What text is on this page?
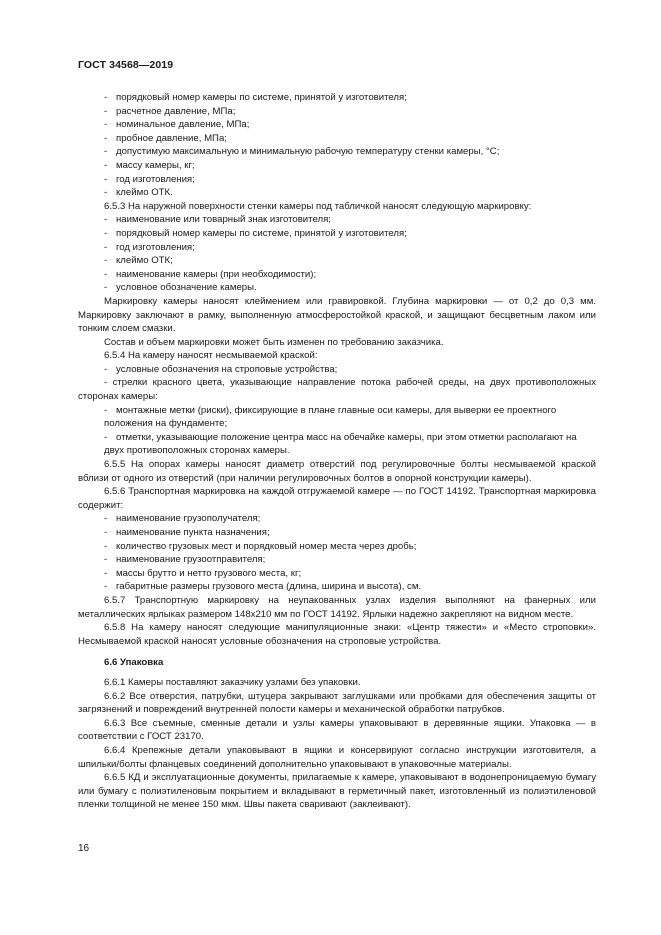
ГОСТ 34568—2019

- порядковый номер камеры по системе, принятой у изготовителя;

- расчетное давление, МПа;

- номинальное давление, МПа;

- пробное давление, МПа;

- допустимую максимальную и минимальную рабочую температуру стенки камеры, °С;

- массу камеры, кг;

- год изготовления;

- клеймо ОТК.

6.5.3 На наружной поверхности стенки камеры под табличкой наносят следующую маркировку:

- наименование или товарный знак изготовителя;

- порядковый номер камеры по системе, принятой у изготовителя;

- год изготовления;

- клеймо ОТК;

- наименование камеры (при необходимости);

- условное обозначение камеры.

Маркировку камеры наносят клеймением или гравировкой. Глубина маркировки — от 0,2 до 0,3 мм. Маркировку заключают в рамку, выполненную атмосферостойкой краской, и защищают бесцветным лаком или тонким слоем смазки.

Состав и объем маркировки может быть изменен по требованию заказчика.

6.5.4 На камеру наносят несмываемой краской:

- условные обозначения на строповые устройства;

- стрелки красного цвета, указывающие направление потока рабочей среды, на двух противоположных сторонах камеры:

- монтажные метки (риски), фиксирующие в плане главные оси камеры, для выверки ее проектного положения на фундаменте;

- отметки, указывающие положение центра масс на обечайке камеры, при этом отметки располагают на двух противоположных сторонах камеры.

6.5.5 На опорах камеры наносят диаметр отверстий под регулировочные болты несмываемой краской вблизи от одного из отверстий (при наличии регулировочных болтов в опорной конструкции камеры).

6.5.6 Транспортная маркировка на каждой отгружаемой камере — по ГОСТ 14192. Транспортная маркировка содержит:

- наименование грузополучателя;

- наименование пункта назначения;

- количество грузовых мест и порядковый номер места через дробь;

- наименование грузоотправителя;

- массы брутто и нетто грузового места, кг;

- габаритные размеры грузового места (длина, ширина и высота), см.

6.5.7 Транспортную маркировку на неупакованных узлах изделия выполняют на фанерных или металлических ярлыках размером 148х210 мм по ГОСТ 14192. Ярлыки надежно закрепляют на видном месте.

6.5.8 На камеру наносят следующие манипуляционные знаки: «Центр тяжести» и «Место строповки». Несмываемой краской наносят условные обозначения на строповые устройства.

6.6 Упаковка

6.6.1 Камеры поставляют заказчику узлами без упаковки.

6.6.2 Все отверстия, патрубки, штуцера закрывают заглушками или пробками для обеспечения защиты от загрязнений и повреждений внутренней полости камеры и механической обработки патрубков.

6.6.3 Все съемные, сменные детали и узлы камеры упаковывают в деревянные ящики. Упаковка — в соответствии с ГОСТ 23170.

6.6.4 Крепежные детали упаковывают в ящики и консервируют согласно инструкции изготовителя, а шпильки/болты фланцевых соединений дополнительно упаковывают в упаковочные материалы.

6.6.5 КД и эксплуатационные документы, прилагаемые к камере, упаковывают в водонепроницаемую бумагу или бумагу с полиэтиленовым покрытием и вкладывают в герметичный пакет, изготовленный из полиэтиленовой пленки толщиной не менее 150 мкм. Швы пакета сваривают (заклеивают).

16
